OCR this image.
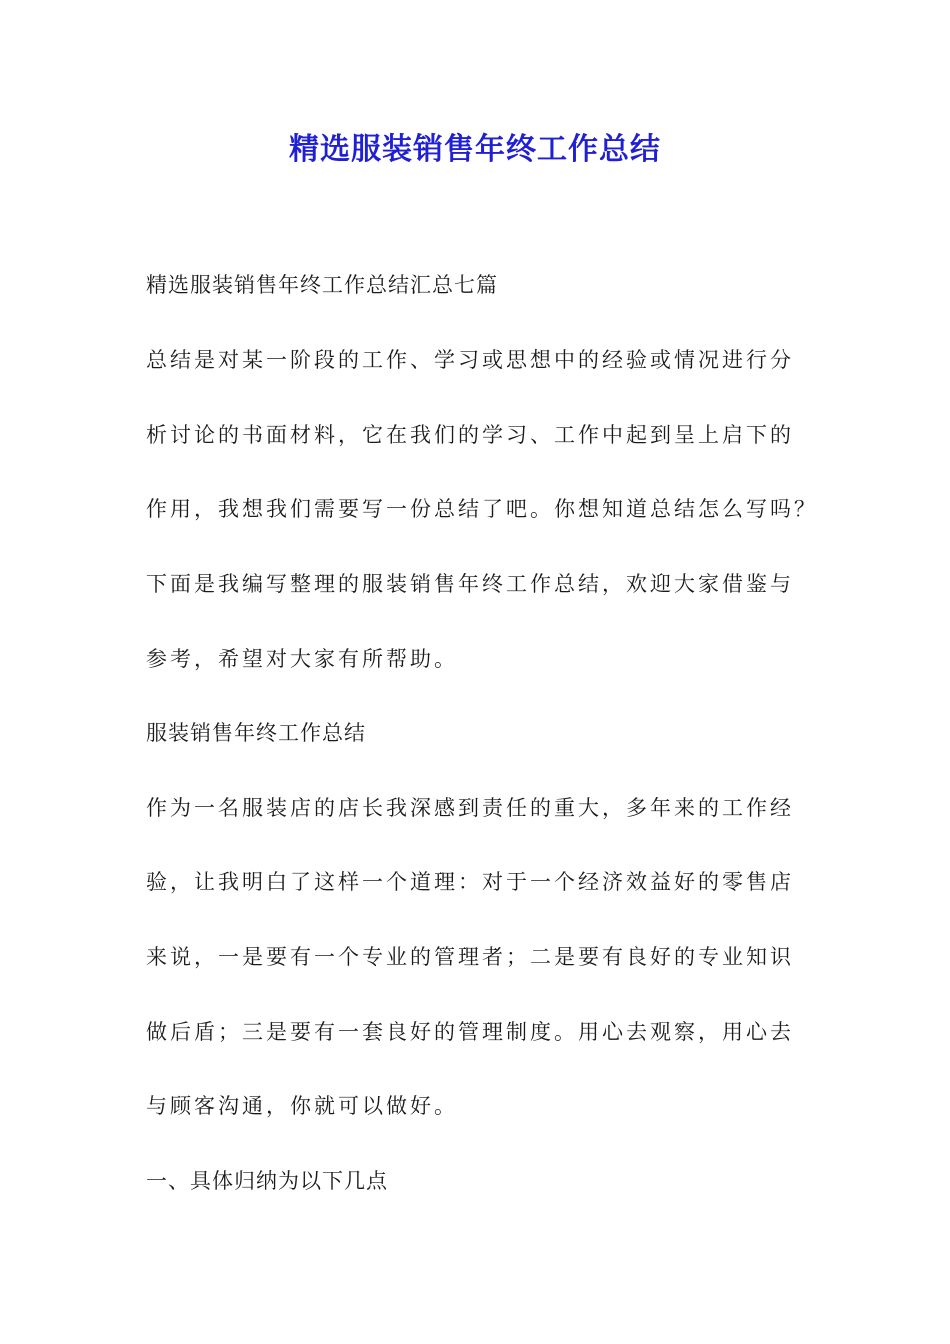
精选服装销售年终工作总结

精选服装销售年终工作总结汇总七篇

总结是对某一阶段的工作、学习或思想中的经验或情况进行分

析讨论的书面材料，它在我们的学习、工作中起到呈上启下的

作用，我想我们需要写一份总结了吧。你想知道总结怎么写吗？

下面是我编写整理的服装销售年终工作总结，欢迎大家借鉴与

参考，希望对大家有所帮助。

服装销售年终工作总结

作为一名服装店的店长我深感到责任的重大，多年来的工作经

验，让我明白了这样一个道理：对于一个经济效益好的零售店

来说，一是要有一个专业的管理者；二是要有良好的专业知识

做后盾；三是要有一套良好的管理制度。用心去观察，用心去

与顾客沟通，你就可以做好。

一、具体归纳为以下几点
